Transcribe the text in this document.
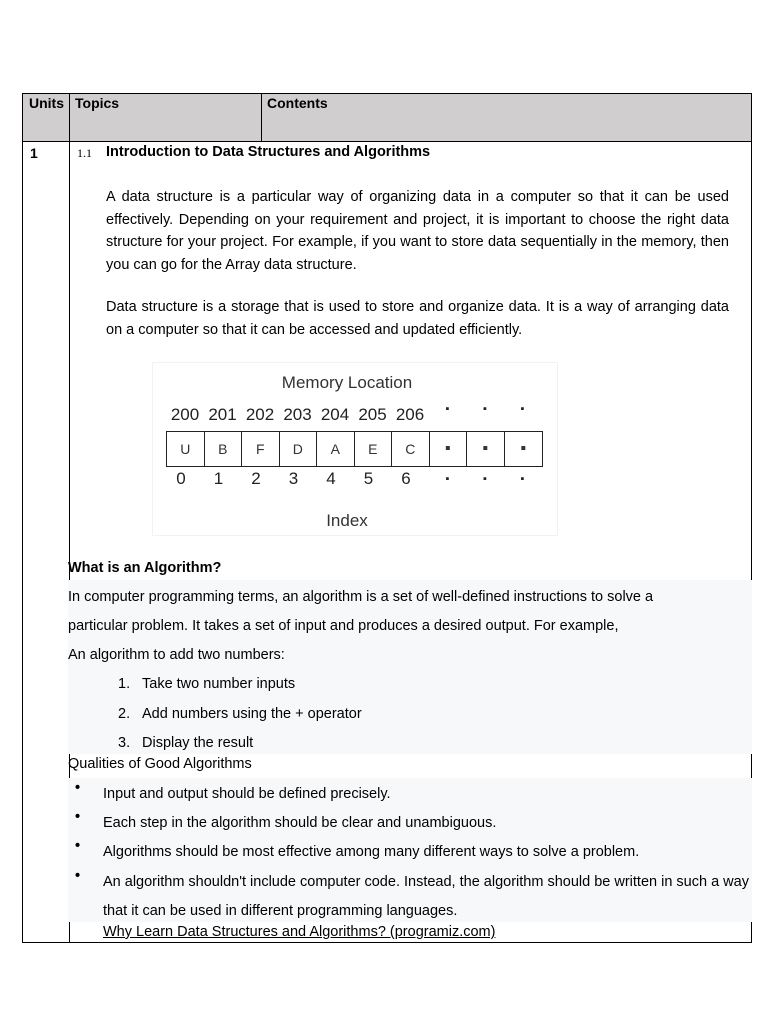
Units Topics	Contents
1	1.1 Introduction to Data Structures and Algorithms
A data structure is a particular way of organizing data in a computer so that it can be used effectively. Depending on your requirement and project, it is important to choose the right data structure for your project. For example, if you want to store data sequentially in the memory, then you can go for the Array data structure.
Data structure is a storage that is used to store and organize data. It is a way of arranging data on a computer so that it can be accessed and updated efficiently.
Memory Location
200 201 202 203 204 205 206	▪	▪	▪
U	B	F	D	A	E	C	▪	▪	▪
0	1	2	3	4	5	6	▪	▪	▪
Index
What is an Algorithm?
In computer programming terms, an algorithm is a set of well-defined instructions to solve a
particular problem. It takes a set of input and produces a desired output. For example,
An algorithm to add two numbers:
1. Take two number inputs
2. Add numbers using the + operator
3. Display the result
Qualities of Good Algorithms
• Input and output should be defined precisely.
• Each step in the algorithm should be clear and unambiguous.
• Algorithms should be most effective among many different ways to solve a problem.
• An algorithm shouldn't include computer code. Instead, the algorithm should be written in such a way that it can be used in different programming languages.
Why Learn Data Structures and Algorithms? (programiz.com)
